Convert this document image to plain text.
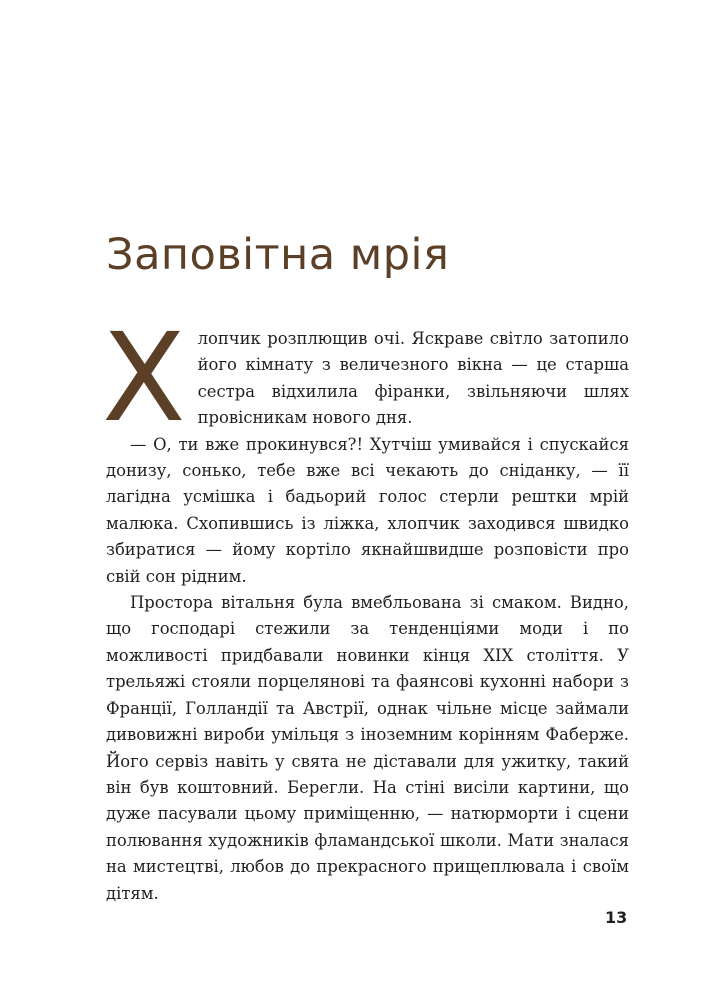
Заповітна мрія

Хлопчик розплющив очі. Яскраве світло затопило його кімнату з величезного вікна — це старша сестра відхилила фіранки, звільняючи шлях провісникам нового дня.

— О, ти вже прокинувся?! Хутчіш умивайся і спускайся донизу, сонько, тебе вже всі чекають до сніданку, — її лагідна усмішка і бадьорий голос стерли рештки мрій малюка. Схопившись із ліжка, хлопчик заходився швидко збиратися — йому кортіло якнайшвидше розповісти про свій сон рідним.

Простора вітальня була вмебльована зі смаком. Видно, що господарі стежили за тенденціями моди і по можливості придбавали новинки кінця XIX століття. У трельяжі стояли порцелянові та фаянсові кухонні набори з Франції, Голландії та Австрії, однак чільне місце займали дивовижні вироби умільця з іноземним корінням Фаберже. Його сервіз навіть у свята не діставали для ужитку, такий він був коштовний. Берегли. На стіні висіли картини, що дуже пасували цьому приміщенню, — натюрморти і сцени полювання художників фламандської школи. Мати зналася на мистецтві, любов до прекрасного прищеплювала і своїм дітям.

13
